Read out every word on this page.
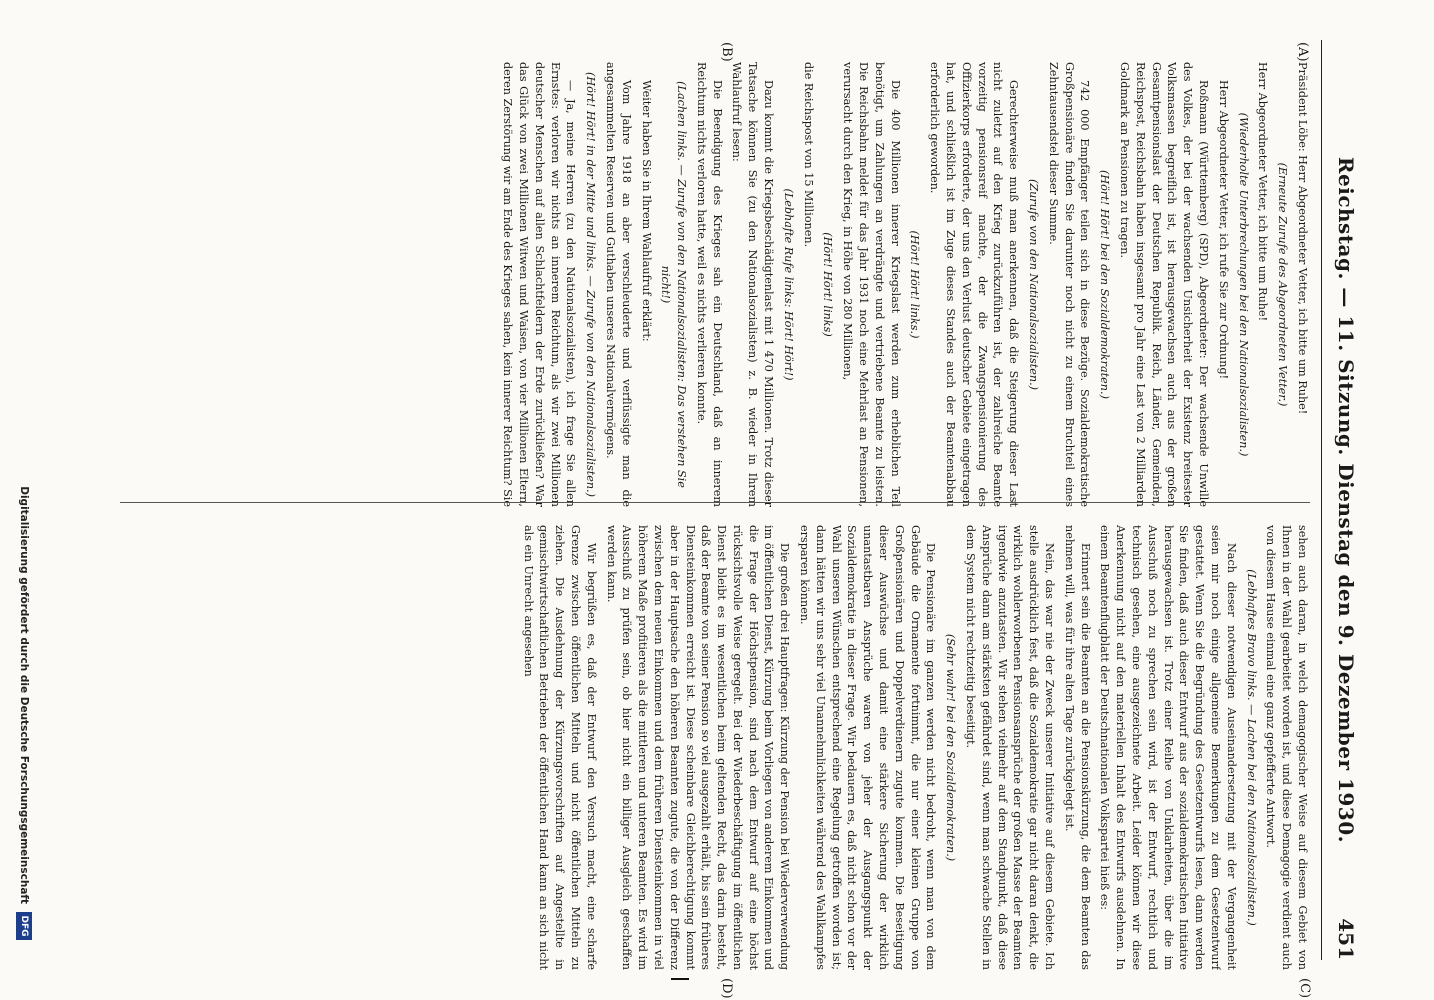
Reichstag. — 11. Sitzung. Dienstag den 9. Dezember 1930.
451
(A)
(B)
(C)
(D)

Präsident Löbe: Herr Abgeordneter Vetter, ich bitte um Ruhe!

(Erneute Zurufe des Abgeordneten Vetter.)

Herr Abgeordneter Vetter, ich bitte um Ruhe!

(Wiederholte Unterbrechungen bei den Nationalsozialisten.)

Herr Abgeordneter Vetter, ich rufe Sie zur Ordnung!

Roßmann (Württemberg) (SPD), Abgeordneter: Der wachsende Unwille des Volkes, der bei der wachsenden Unsicherheit der Existenz breitester Volksmassen begreiflich ist, ist herausgewachsen auch aus der großen Gesamtpensionslast der Deutschen Republik. Reich, Länder, Gemeinden, Reichspost, Reichsbahn haben insgesamt pro Jahr eine Last von 2 Milliarden Goldmark an Pensionen zu tragen.

(Hört! Hört! bei den Sozialdemokraten.)

742 000 Empfänger teilen sich in diese Bezüge. Sozialdemokratische Großpensionäre finden Sie darunter noch nicht zu einem Bruchteil eines Zehntausendstel dieser Summe.

(Zurufe von den Nationalsozialisten.)

Gerechterweise muß man anerkennen, daß die Steigerung dieser Last nicht zuletzt auf den Krieg zurückzuführen ist, der zahlreiche Beamte vorzeitig pensionsreif machte, der die Zwangspensionierung des Offizierkorps erforderte, der uns den Verlust deutscher Gebiete eingetragen hat, und schließlich ist im Zuge dieses Standes auch der Beamtenabbau erforderlich geworden.

(Hört! Hört! links.)

Die 400 Millionen innerer Kriegslast werden zum erheblichen Teil benötigt, um Zahlungen an verdrängte und vertriebene Beamte zu leisten. Die Reichsbahn meldet für das Jahr 1931 noch eine Mehrlast an Pensionen, verursacht durch den Krieg, in Höhe von 280 Millionen,

(Hört! Hört! links)

die Reichspost von 15 Millionen.

(Lebhafte Rufe links: Hört! Hört!)

Dazu kommt die Kriegsbeschädigtenlast mit 1 470 Millionen. Trotz dieser Tatsache können Sie (zu den Nationalsozialisten) z. B. wieder in Ihrem Wahlaufruf lesen:

Die Beendigung des Krieges sah ein Deutschland, daß an innerem Reichtum nichts verloren hatte, weil es nichts verlieren konnte.

(Lachen links. — Zurufe von den Nationalsozialisten: Das verstehen Sie nicht!)

Weiter haben Sie in Ihrem Wahlaufruf erklärt:

Vom Jahre 1918 an aber verschleuderte und verflüssigte man die angesammelten Reserven und Guthaben unseres Nationalvermögens.

(Hört! Hört! in der Mitte und links. — Zurufe von den Nationalsozialisten.)

— Ja, meine Herren (zu den Nationalsozialisten), ich frage Sie allen Ernstes: verloren wir nichts an innerem Reichtum, als wir zwei Millionen deutscher Menschen auf allen Schlachtfeldern der Erde zurückließen? War das Glück von zwei Millionen Witwen und Waisen, von vier Millionen Eltern, deren Zerstörung wir am Ende des Krieges sahen, kein innerer Reichtum? Sie

sehen auch daran, in welch demagogischer Weise auf diesem Gebiet von Ihnen in der Wahl gearbeitet worden ist, und diese Demagogie verdient auch von diesem Hause einmal eine ganz gepfefferte Antwort.

(Lebhaftes Bravo links. — Lachen bei den Nationalsozialisten.)

Nach dieser notwendigen Auseinandersetzung mit der Vergangenheit seien mir noch einige allgemeine Bemerkungen zu dem Gesetzentwurf gestattet. Wenn Sie die Begründung des Gesetzentwurfs lesen, dann werden Sie finden, daß auch dieser Entwurf aus der sozialdemokratischen Initiative herausgewachsen ist. Trotz einer Reihe von Unklarheiten, über die im Ausschuß noch zu sprechen sein wird, ist der Entwurf, rechtlich und technisch gesehen, eine ausgezeichnete Arbeit. Leider können wir diese Anerkennung nicht auf den materiellen Inhalt des Entwurfs ausdehnen. In einem Beamtenflugblatt der Deutschnationalen Volkspartei hieß es:

Erinnert sein die Beamten an die Pensionskürzung, die dem Beamten das nehmen will, was für ihre alten Tage zurückgelegt ist.

Nein, das war nie der Zweck unserer Initiative auf diesem Gebiete. Ich stelle ausdrücklich fest, daß die Sozialdemokratie gar nicht daran denkt, die wirklich wohlerworbenen Pensionsansprüche der großen Masse der Beamten irgendwie anzutasten. Wir stehen vielmehr auf dem Standpunkt, daß diese Ansprüche dann am stärksten gefährdet sind, wenn man schwache Stellen in dem System nicht rechtzeitig beseitigt.

(Sehr wahr! bei den Sozialdemokraten.)

Die Pensionäre im ganzen werden nicht bedroht, wenn man von dem Gebäude die Ornamente fortnimmt, die nur einer kleinen Gruppe von Großpensionären und Doppelverdienern zugute kommen. Die Beseitigung dieser Auswüchse und damit eine stärkere Sicherung der wirklich unantastbaren Ansprüche waren von jeher der Ausgangspunkt der Sozialdemokratie in dieser Frage. Wir bedauern es, daß nicht schon vor der Wahl unseren Wünschen entsprechend eine Regelung getroffen worden ist; dann hätten wir uns sehr viel Unannehmlichkeiten während des Wahlkampfes ersparen können.

Die großen drei Hauptfragen: Kürzung der Pension bei Wiederverwendung im öffentlichen Dienst, Kürzung beim Vorliegen von anderem Einkommen und die Frage der Höchstpension, sind nach dem Entwurf auf eine höchst rücksichtsvolle Weise geregelt. Bei der Wiederbeschäftigung im öffentlichen Dienst bleibt es im wesentlichen beim geltenden Recht, das darin besteht, daß der Beamte von seiner Pension so viel ausgezahlt erhält, bis sein früheres Diensteinkommen erreicht ist. Diese scheinbare Gleichberechtigung kommt aber in der Hauptsache den höheren Beamten zugute, die von der Differenz zwischen dem neuen Einkommen und dem früheren Diensteinkommen in viel höherem Maße profitieren als die mittleren und unteren Beamten. Es wird im Ausschuß zu prüfen sein, ob hier nicht ein billiger Ausgleich geschaffen werden kann.

Wir begrüßen es, daß der Entwurf den Versuch macht, eine scharfe Grenze zwischen öffentlichen Mitteln und nicht öffentlichen Mitteln zu ziehen. Die Ausdehnung der Kürzungsvorschriften auf Angestellte in gemischtwirtschaftlichen Betrieben der öffentlichen Hand kann an sich nicht als ein Unrecht angesehen

Digitalisierung gefördert durch die Deutsche Forschungsgemeinschaft
DFG
